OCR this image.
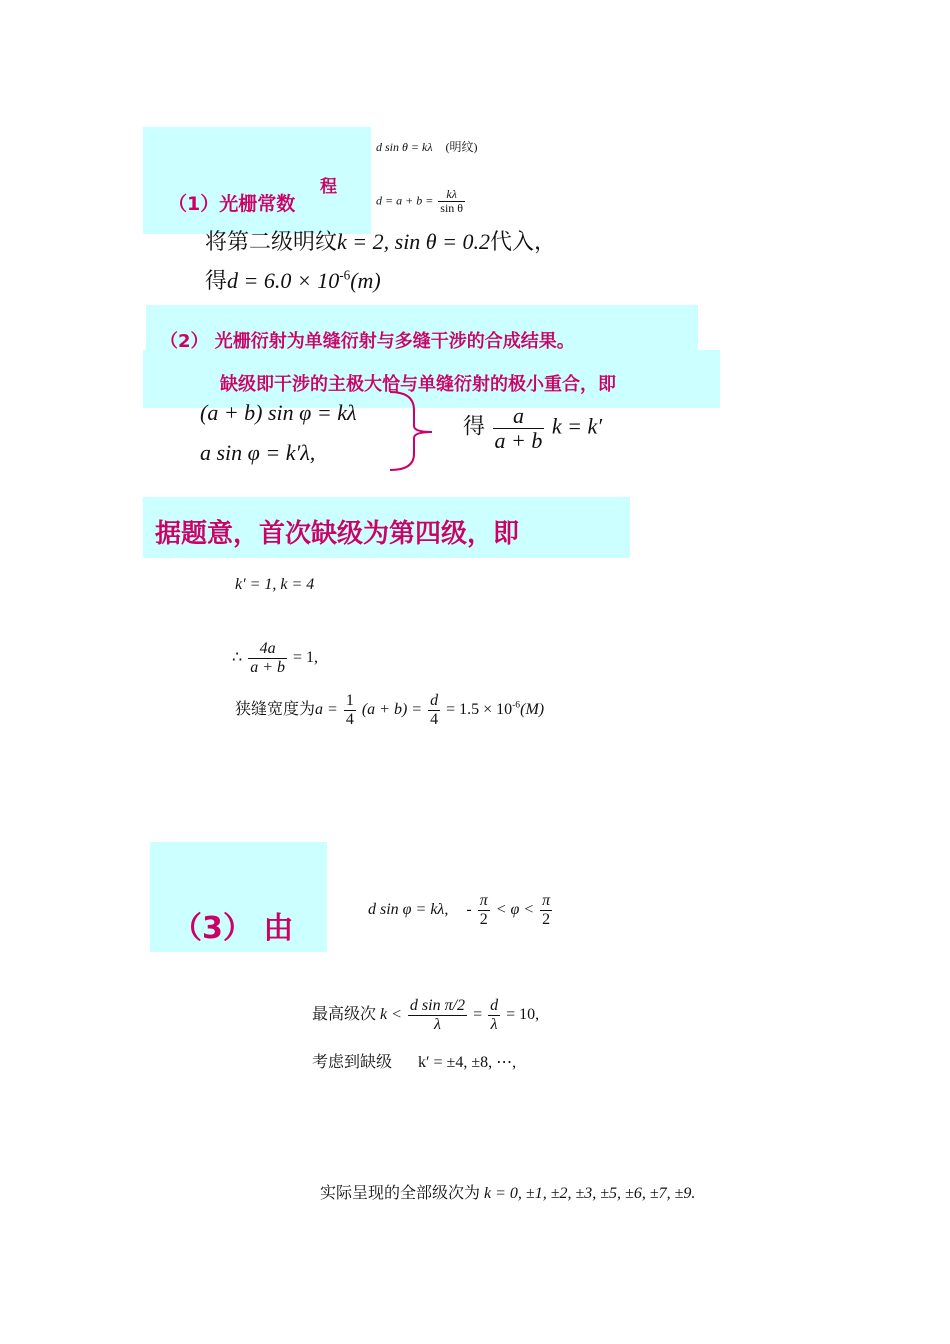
（1）光栅常数
程
d sin θ = kλ (明纹)
$d = a + b = \frac{k\lambda}{\text{sin θ}}$
将第二级明纹k = 2, sin θ = 0.2代入，
得$d = 6.0 \times 10^{-6}(m)$
（2） 光栅衍射为单缝衍射与多缝干涉的合成结果。
缺级即干涉的主极大恰与单缝衍射的极小重合，即
(a + b) sin φ = kλ
a sin φ = k′λ,
得 $\frac{a}{a + b}$ k = k′
据题意，首次缺级为第四级，即
k′ = 1, k = 4
∴ $\frac{4a}{a + b} = 1$,
狭缝宽度为$a = \frac{1}{4} (a + b) = \frac{d}{4} = 1.5 \times 10^{-6}(M)$
（3） 由
d sin φ = kλ, - $\frac{\pi}{2} < \varphi < \frac{\pi}{2}$
最高级次 $k < \frac{\text{d sin π/2}}{\lambda} = \frac{d}{\lambda} = 10$,
考虑到缺级 k′ = ±4, ±8, ⋯,
实际呈现的全部级次为 k = 0, ±1, ±2, ±3, ±5, ±6, ±7, ±9.
